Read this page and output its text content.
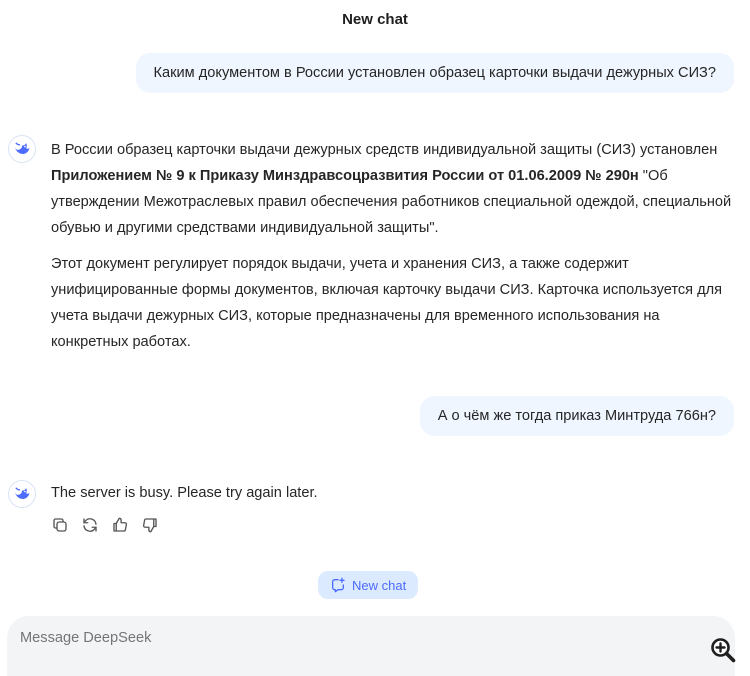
New chat
Каким документом в России установлен образец карточки выдачи дежурных СИЗ?

В России образец карточки выдачи дежурных средств индивидуальной защиты (СИЗ) установлен Приложением № 9 к Приказу Минздравсоцразвития России от 01.06.2009 № 290н "Об утверждении Межотраслевых правил обеспечения работников специальной одеждой, специальной обувью и другими средствами индивидуальной защиты".

Этот документ регулирует порядок выдачи, учета и хранения СИЗ, а также содержит унифицированные формы документов, включая карточку выдачи СИЗ. Карточка используется для учета выдачи дежурных СИЗ, которые предназначены для временного использования на конкретных работах.

А о чём же тогда приказ Минтруда 766н?

The server is busy. Please try again later.

New chat
Message DeepSeek
